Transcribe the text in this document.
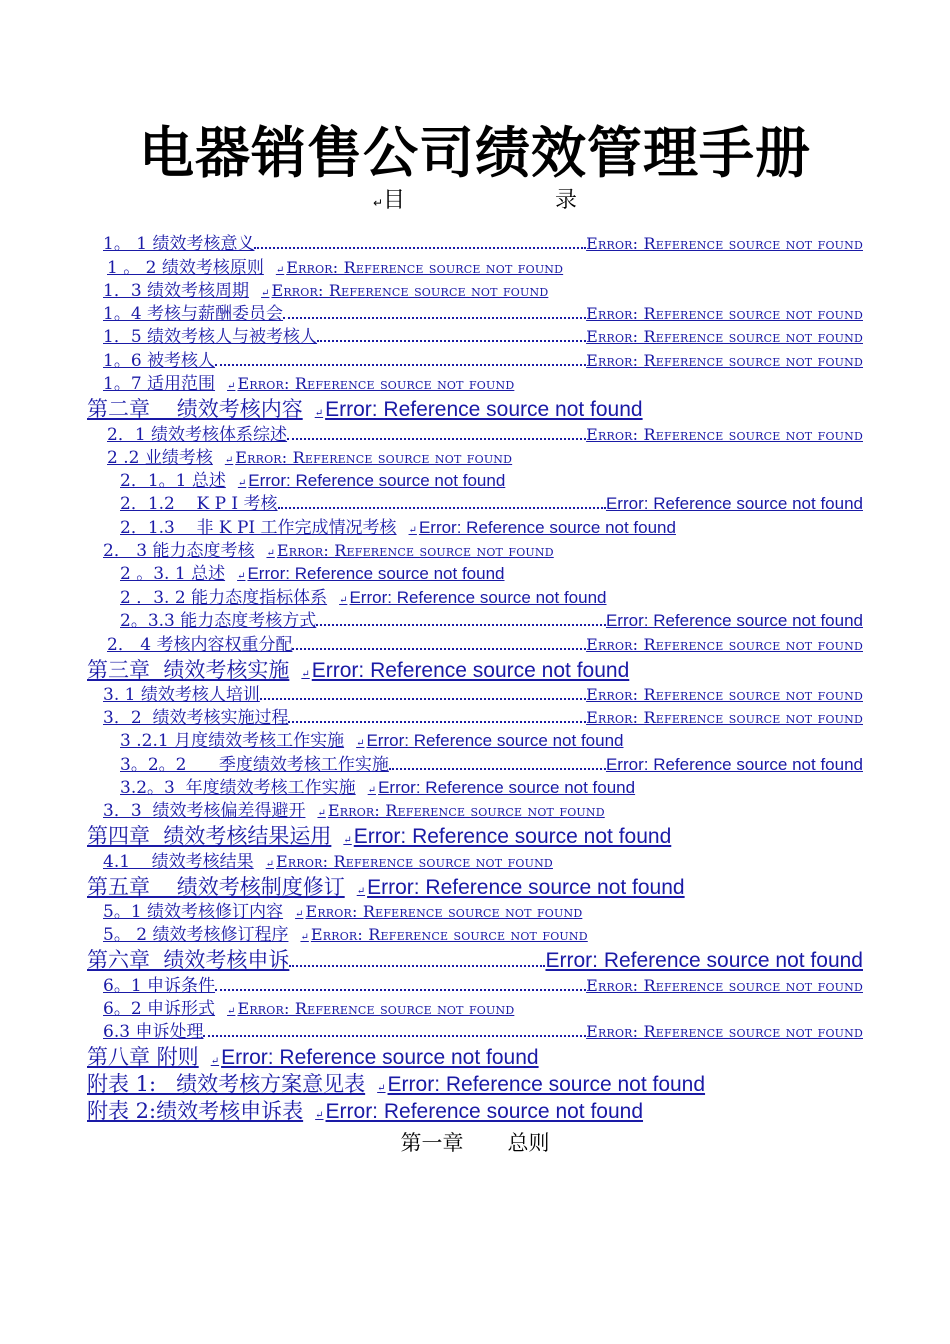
电器销售公司绩效管理手册
↵目	录
1。 1 绩效考核意义	Error: Reference source not found
1 。 2 绩效考核原则 ↵ Error: Reference source not found
1．3 绩效考核周期 ↵ Error: Reference source not found
1。4 考核与薪酬委员会	Error: Reference source not found
1．5 绩效考核人与被考核人	Error: Reference source not found
1。6 被考核人	Error: Reference source not found
1。7 适用范围 ↵ Error: Reference source not found
第二章    绩效考核内容 ↵ Error: Reference source not found
2．1 绩效考核体系综述	Error: Reference source not found
2 .2 业绩考核 ↵ Error: Reference source not found
2．1。1 总述 ↵ Error: Reference source not found
2．1.2    K P I 考核	Error: Reference source not found
2．1.3    非 K PI 工作完成情况考核 ↵ Error: Reference source not found
2． 3 能力态度考核 ↵ Error: Reference source not found
2 。3. 1 总述 ↵ Error: Reference source not found
2 ．3. 2 能力态度指标体系 ↵ Error: Reference source not found
2。3.3 能力态度考核方式	Error: Reference source not found
2． 4 考核内容权重分配	Error: Reference source not found
第三章  绩效考核实施 ↵ Error: Reference source not found
3. 1 绩效考核人培训	Error: Reference source not found
3．2  绩效考核实施过程	Error: Reference source not found
3 .2.1 月度绩效考核工作实施 ↵ Error: Reference source not found
3。2。2      季度绩效考核工作实施	Error: Reference source not found
3.2。3  年度绩效考核工作实施 ↵ Error: Reference source not found
3．3  绩效考核偏差得避开 ↵ Error: Reference source not found
第四章  绩效考核结果运用 ↵ Error: Reference source not found
4.1    绩效考核结果 ↵ Error: Reference source not found
第五章    绩效考核制度修订 ↵ Error: Reference source not found
5。1 绩效考核修订内容 ↵ Error: Reference source not found
5。 2 绩效考核修订程序 ↵ Error: Reference source not found
第六章  绩效考核申诉	Error: Reference source not found
6。1 申诉条件	Error: Reference source not found
6。2 申诉形式 ↵ Error: Reference source not found
6.3 申诉处理	Error: Reference source not found
第八章 附则 ↵ Error: Reference source not found
附表 1:   绩效考核方案意见表 ↵ Error: Reference source not found
附表 2:绩效考核申诉表 ↵ Error: Reference source not found
第一章 总则
